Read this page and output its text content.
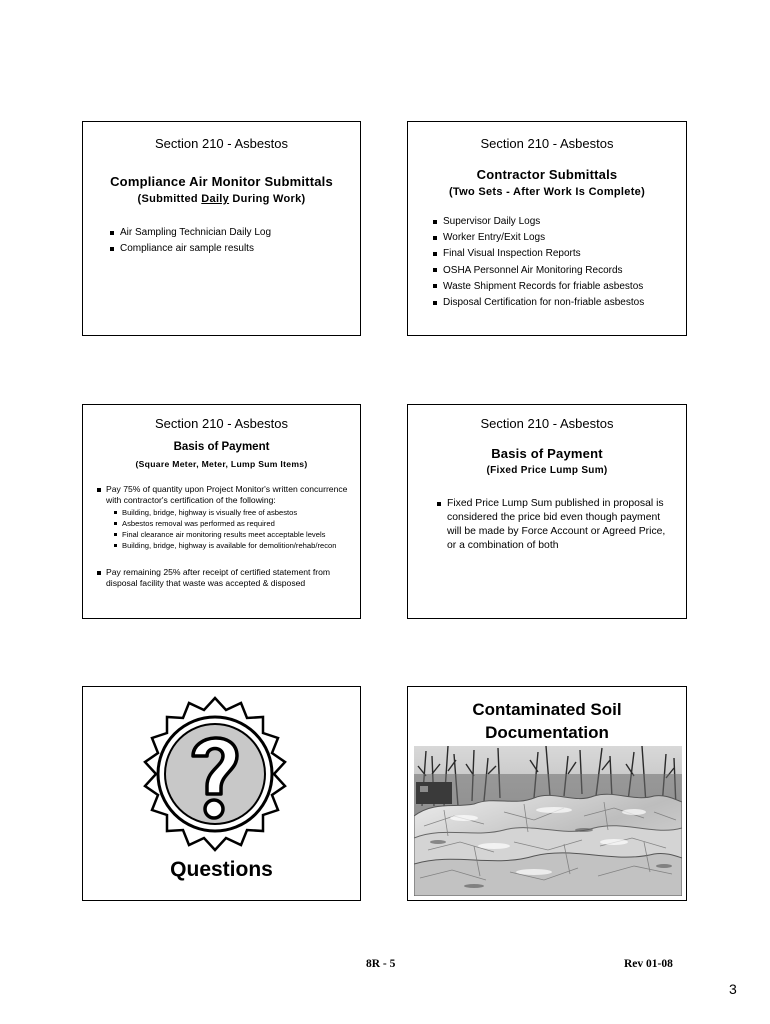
Section 210 - Asbestos
Compliance Air Monitor Submittals
(Submitted Daily During Work)
Air Sampling Technician Daily Log
Compliance air sample results
Section 210 - Asbestos
Contractor Submittals
(Two Sets - After Work Is Complete)
Supervisor Daily Logs
Worker Entry/Exit Logs
Final Visual Inspection Reports
OSHA Personnel Air Monitoring Records
Waste Shipment Records for friable asbestos
Disposal Certification for non-friable asbestos
Section 210 - Asbestos
Basis of Payment
(Square Meter, Meter, Lump Sum Items)
Pay 75% of quantity upon Project Monitor's written concurrence with contractor's certification of the following:
Building, bridge, highway is visually free of asbestos
Asbestos removal was performed as required
Final clearance air monitoring results meet acceptable levels
Building, bridge, highway is available for demolition/rehab/recon
Pay remaining 25% after receipt of certified statement from disposal facility that waste was accepted & disposed
Section 210 - Asbestos
Basis of Payment
(Fixed Price Lump Sum)
Fixed Price Lump Sum published in proposal is considered the price bid even though payment will be made by Force Account or Agreed Price, or a combination of both
Questions
Contaminated Soil
Documentation
8R - 5	Rev 01-08
3
